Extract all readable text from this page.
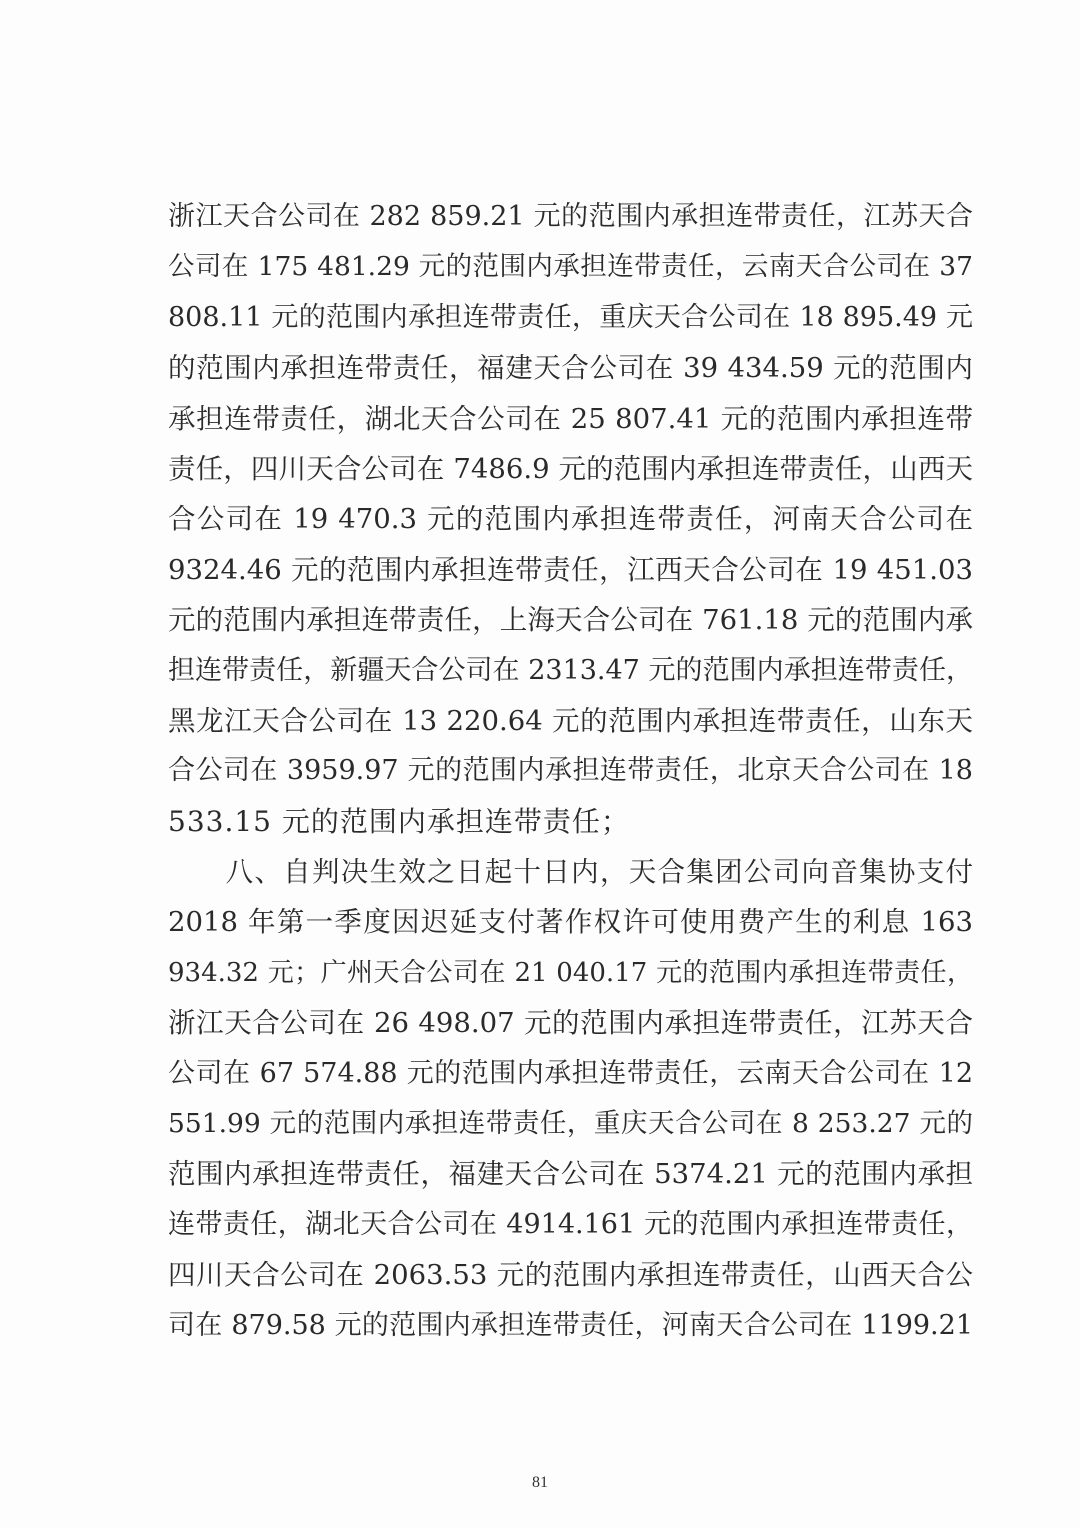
浙江天合公司在 282 859.21 元的范围内承担连带责任，江苏天合
公司在 175 481.29 元的范围内承担连带责任，云南天合公司在 37
808.11 元的范围内承担连带责任，重庆天合公司在 18 895.49 元
的范围内承担连带责任，福建天合公司在 39 434.59 元的范围内
承担连带责任，湖北天合公司在 25 807.41 元的范围内承担连带
责任，四川天合公司在 7486.9 元的范围内承担连带责任，山西天
合公司在 19 470.3 元的范围内承担连带责任，河南天合公司在
9324.46 元的范围内承担连带责任，江西天合公司在 19 451.03
元的范围内承担连带责任，上海天合公司在 761.18 元的范围内承
担连带责任，新疆天合公司在 2313.47 元的范围内承担连带责任，
黑龙江天合公司在 13 220.64 元的范围内承担连带责任，山东天
合公司在 3959.97 元的范围内承担连带责任，北京天合公司在 18
533.15 元的范围内承担连带责任；
　　八、自判决生效之日起十日内，天合集团公司向音集协支付
2018 年第一季度因迟延支付著作权许可使用费产生的利息 163
934.32 元；广州天合公司在 21 040.17 元的范围内承担连带责任，
浙江天合公司在 26 498.07 元的范围内承担连带责任，江苏天合
公司在 67 574.88 元的范围内承担连带责任，云南天合公司在 12
551.99 元的范围内承担连带责任，重庆天合公司在 8 253.27 元的
范围内承担连带责任，福建天合公司在 5374.21 元的范围内承担
连带责任，湖北天合公司在 4914.161 元的范围内承担连带责任，
四川天合公司在 2063.53 元的范围内承担连带责任，山西天合公
司在 879.58 元的范围内承担连带责任，河南天合公司在 1199.21
81
